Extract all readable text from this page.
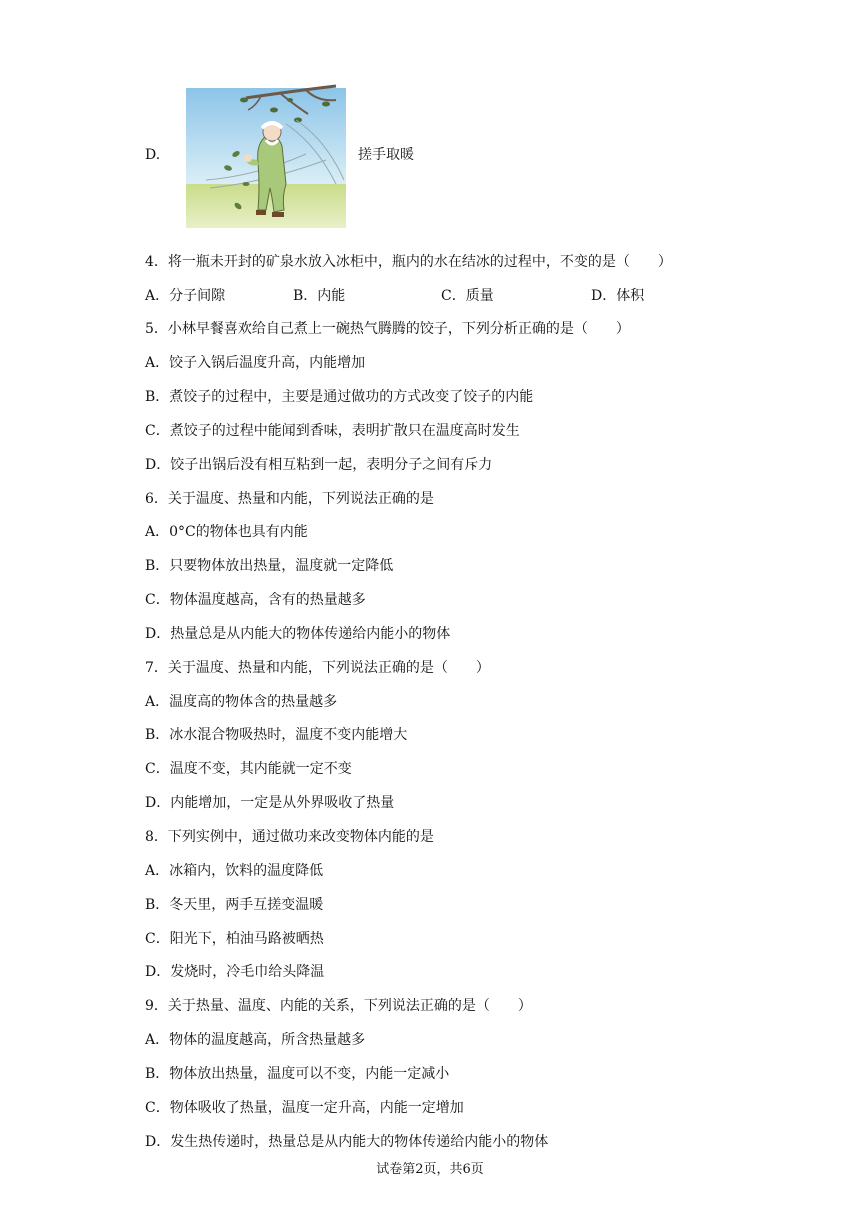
D.	搓手取暖
4．将一瓶未开封的矿泉水放入冰柜中，瓶内的水在结冰的过程中，不变的是（　　）
A．分子间隙	B．内能	C．质量	D．体积
5．小林早餐喜欢给自己煮上一碗热气腾腾的饺子，下列分析正确的是（　　）
A．饺子入锅后温度升高，内能增加
B．煮饺子的过程中，主要是通过做功的方式改变了饺子的内能
C．煮饺子的过程中能闻到香味，表明扩散只在温度高时发生
D．饺子出锅后没有相互粘到一起，表明分子之间有斥力
6．关于温度、热量和内能，下列说法正确的是
A．0°C的物体也具有内能
B．只要物体放出热量，温度就一定降低
C．物体温度越高，含有的热量越多
D．热量总是从内能大的物体传递给内能小的物体
7．关于温度、热量和内能，下列说法正确的是（　　）
A．温度高的物体含的热量越多
B．冰水混合物吸热时，温度不变内能增大
C．温度不变，其内能就一定不变
D．内能增加，一定是从外界吸收了热量
8．下列实例中，通过做功来改变物体内能的是
A．冰箱内，饮料的温度降低
B．冬天里，两手互搓变温暖
C．阳光下，柏油马路被晒热
D．发烧时，冷毛巾给头降温
9．关于热量、温度、内能的关系，下列说法正确的是（　　）
A．物体的温度越高，所含热量越多
B．物体放出热量，温度可以不变，内能一定减小
C．物体吸收了热量，温度一定升高，内能一定增加
D．发生热传递时，热量总是从内能大的物体传递给内能小的物体
试卷第2页，共6页
